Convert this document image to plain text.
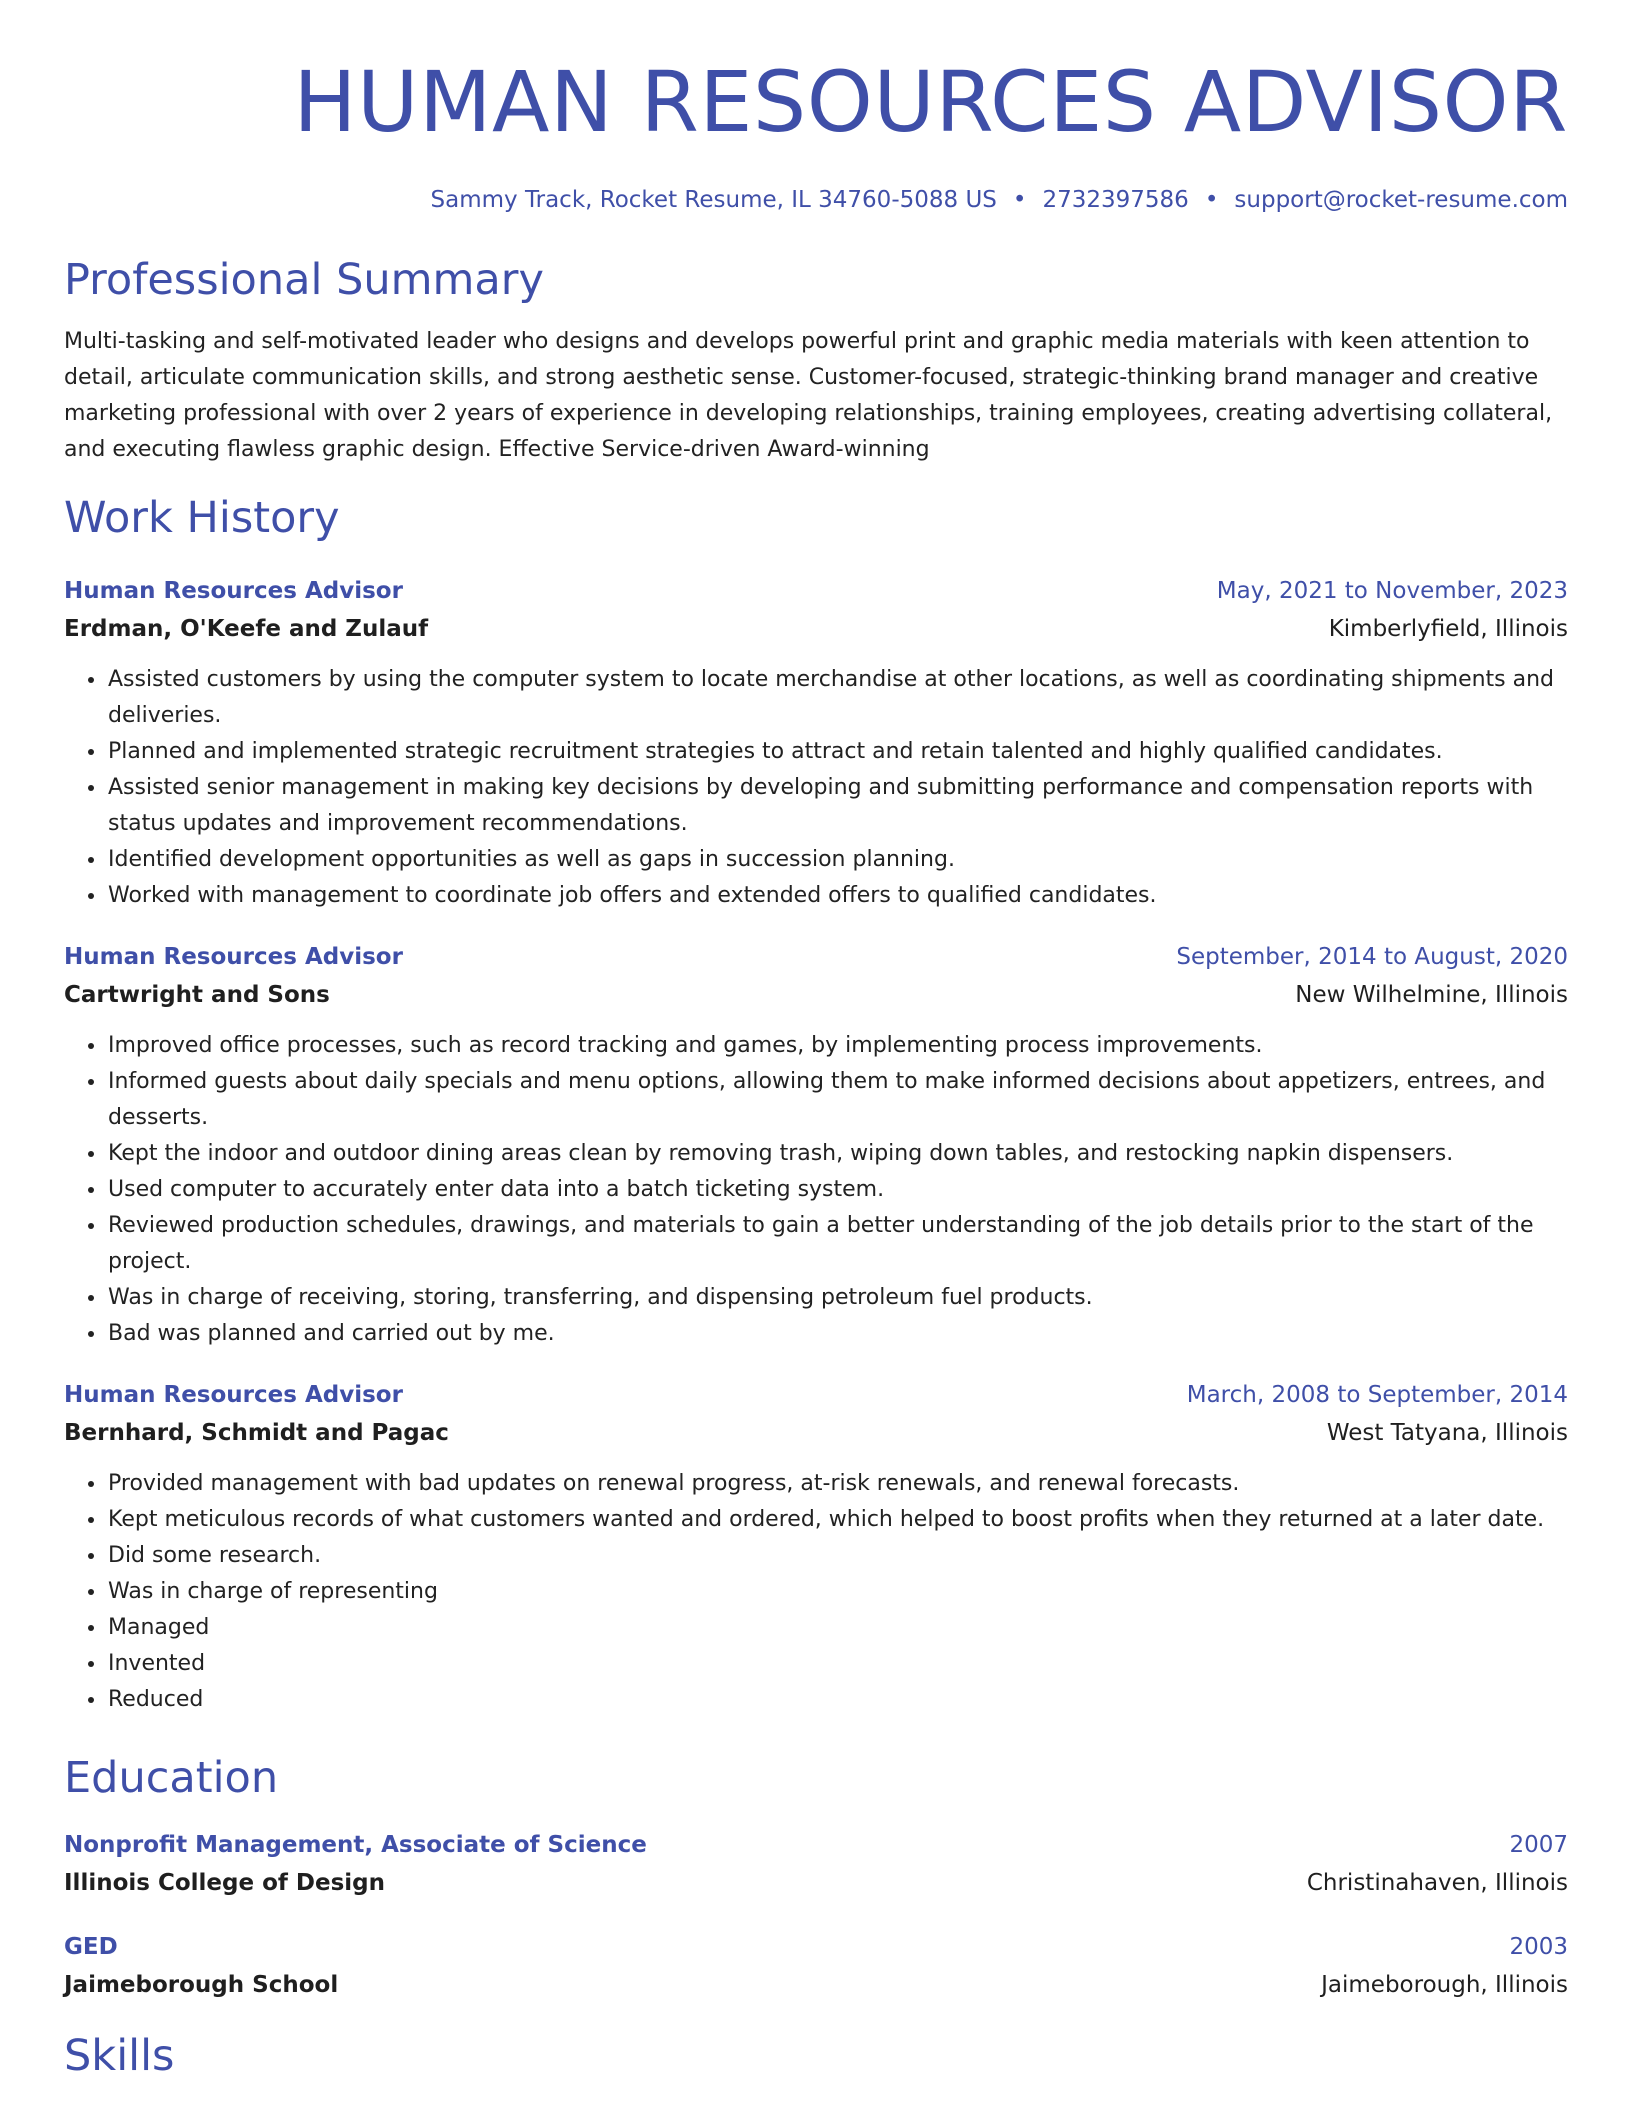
HUMAN RESOURCES ADVISOR
Sammy Track, Rocket Resume, IL 34760-5088 US • 2732397586 • support@rocket-resume.com
Professional Summary
Multi-tasking and self-motivated leader who designs and develops powerful print and graphic media materials with keen attention to detail, articulate communication skills, and strong aesthetic sense. Customer-focused, strategic-thinking brand manager and creative marketing professional with over 2 years of experience in developing relationships, training employees, creating advertising collateral, and executing flawless graphic design. Effective Service-driven Award-winning
Work History
Human Resources Advisor	May, 2021 to November, 2023
Erdman, O'Keefe and Zulauf	Kimberlyfield, Illinois
• Assisted customers by using the computer system to locate merchandise at other locations, as well as coordinating shipments and deliveries.
• Planned and implemented strategic recruitment strategies to attract and retain talented and highly qualified candidates.
• Assisted senior management in making key decisions by developing and submitting performance and compensation reports with status updates and improvement recommendations.
• Identified development opportunities as well as gaps in succession planning.
• Worked with management to coordinate job offers and extended offers to qualified candidates.
Human Resources Advisor	September, 2014 to August, 2020
Cartwright and Sons	New Wilhelmine, Illinois
• Improved office processes, such as record tracking and games, by implementing process improvements.
• Informed guests about daily specials and menu options, allowing them to make informed decisions about appetizers, entrees, and desserts.
• Kept the indoor and outdoor dining areas clean by removing trash, wiping down tables, and restocking napkin dispensers.
• Used computer to accurately enter data into a batch ticketing system.
• Reviewed production schedules, drawings, and materials to gain a better understanding of the job details prior to the start of the project.
• Was in charge of receiving, storing, transferring, and dispensing petroleum fuel products.
• Bad was planned and carried out by me.
Human Resources Advisor	March, 2008 to September, 2014
Bernhard, Schmidt and Pagac	West Tatyana, Illinois
• Provided management with bad updates on renewal progress, at-risk renewals, and renewal forecasts.
• Kept meticulous records of what customers wanted and ordered, which helped to boost profits when they returned at a later date.
• Did some research.
• Was in charge of representing
• Managed
• Invented
• Reduced
Education
Nonprofit Management, Associate of Science	2007
Illinois College of Design	Christinahaven, Illinois
GED	2003
Jaimeborough School	Jaimeborough, Illinois
Skills
